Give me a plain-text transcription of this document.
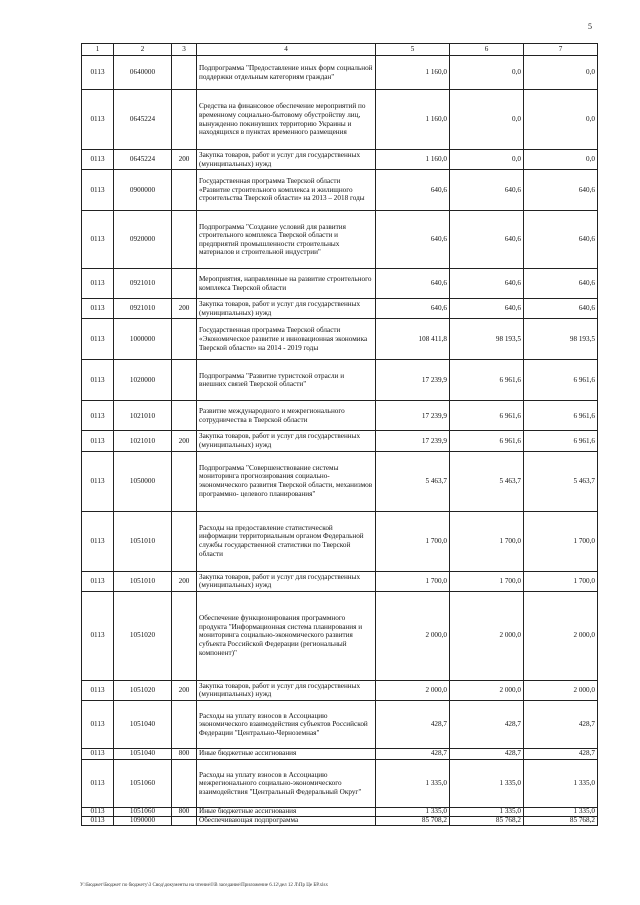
5
1	2	3	4	5	6	7
0113	0640000		Подпрограмма "Предоставление иных форм социальной поддержки отдельным категориям граждан"	1 160,0	0,0	0,0
0113	0645224		Средства на финансовое обеспечение мероприятий по временному социально-бытовому обустройству лиц, вынужденно покинувших территорию Украины и находящихся в пунктах временного размещения	1 160,0	0,0	0,0
0113	0645224	200	Закупка товаров, работ и услуг для государственных (муниципальных) нужд	1 160,0	0,0	0,0
0113	0900000		Государственная программа Тверской области «Развитие строительного комплекса и жилищного строительства Тверской области» на 2013 – 2018 годы	640,6	640,6	640,6
0113	0920000		Подпрограмма "Создание условий для развития строительного комплекса Тверской области и предприятий промышленности строительных материалов и строительной индустрии"	640,6	640,6	640,6
0113	0921010		Мероприятия, направленные на развитие строительного комплекса Тверской области	640,6	640,6	640,6
0113	0921010	200	Закупка товаров, работ и услуг для государственных (муниципальных) нужд	640,6	640,6	640,6
0113	1000000		Государственная программа Тверской области «Экономическое развитие и инновационная экономика Тверской области» на 2014 - 2019 годы	108 411,8	98 193,5	98 193,5
0113	1020000		Подпрограмма "Развитие туристской отрасли и внешних связей Тверской области"	17 239,9	6 961,6	6 961,6
0113	1021010		Развитие международного и межрегионального сотрудничества в Тверской области	17 239,9	6 961,6	6 961,6
0113	1021010	200	Закупка товаров, работ и услуг для государственных (муниципальных) нужд	17 239,9	6 961,6	6 961,6
0113	1050000		Подпрограмма "Совершенствование системы мониторинга прогнозирования социально-экономического развития Тверской области, механизмов программно- целевого планирования"	5 463,7	5 463,7	5 463,7
0113	1051010		Расходы на предоставление статистической информации территориальным органом Федеральной службы государственной статистики по Тверской области	1 700,0	1 700,0	1 700,0
0113	1051010	200	Закупка товаров, работ и услуг для государственных (муниципальных) нужд	1 700,0	1 700,0	1 700,0
0113	1051020		Обеспечение функционирования программного продукта "Информационная система планирования и мониторинга социально-экономического развития субъекта Российской Федерации (региональный компонент)"	2 000,0	2 000,0	2 000,0
0113	1051020	200	Закупка товаров, работ и услуг для государственных (муниципальных) нужд	2 000,0	2 000,0	2 000,0
0113	1051040		Расходы на уплату взносов в Ассоциацию экономического взаимодействия субъектов Российской Федерации "Центрально-Черноземная"	428,7	428,7	428,7
0113	1051040	800	Иные бюджетные ассигнования	428,7	428,7	428,7
0113	1051060		Расходы на уплату взносов в Ассоциацию межрегионального социально-экономического взаимодействия "Центральный Федеральный Округ"	1 335,0	1 335,0	1 335,0
0113	1051060	800	Иные бюджетные ассигнования	1 335,0	1 335,0	1 335,0
0113	1090000		Обеспечивающая подпрограмма	85 708,2	85 768,2	85 768,2
У:\Бюджет\Бюджет по бюджету\3 Свод\документы на чтение\I\В заседание\Приложение 6.12\дел 12 Л\Пр Це БР.xlsx
